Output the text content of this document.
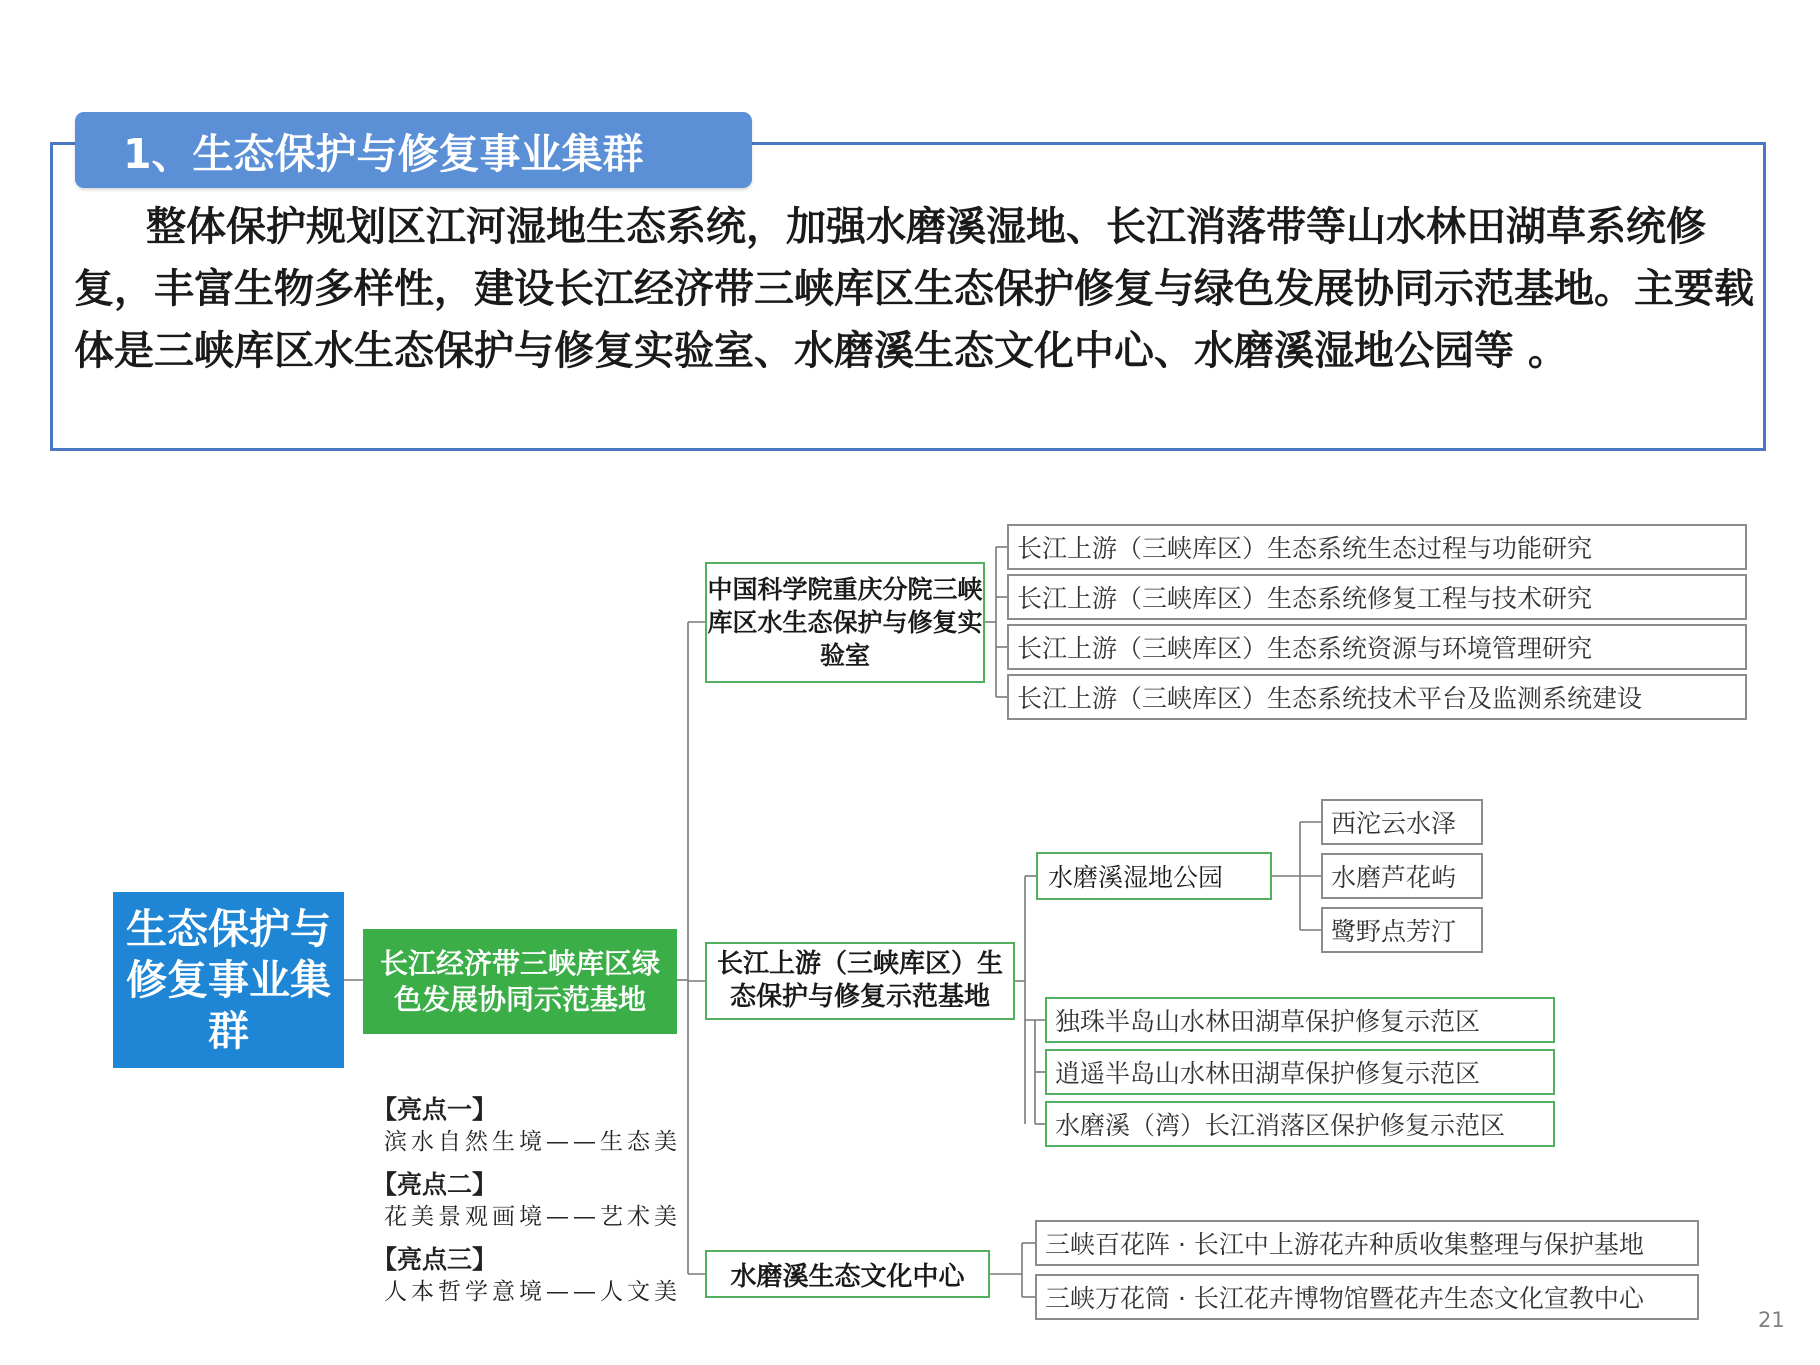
1、生态保护与修复事业集群
整体保护规划区江河湿地生态系统，加强水磨溪湿地、长江消落带等山水林田湖草系统修复，丰富生物多样性，建设长江经济带三峡库区生态保护修复与绿色发展协同示范基地。主要载体是三峡库区水生态保护与修复实验室、水磨溪生态文化中心、水磨溪湿地公园等 。
生态保护与修复事业集群
长江经济带三峡库区绿色发展协同示范基地
中国科学院重庆分院三峡库区水生态保护与修复实验室
长江上游（三峡库区）生态系统生态过程与功能研究
长江上游（三峡库区）生态系统修复工程与技术研究
长江上游（三峡库区）生态系统资源与环境管理研究
长江上游（三峡库区）生态系统技术平台及监测系统建设
长江上游（三峡库区）生态保护与修复示范基地
水磨溪湿地公园
西沱云水泽
水磨芦花屿
鹭野点芳汀
独珠半岛山水林田湖草保护修复示范区
逍遥半岛山水林田湖草保护修复示范区
水磨溪（湾）长江消落区保护修复示范区
水磨溪生态文化中心
三峡百花阵 · 长江中上游花卉种质收集整理与保护基地
三峡万花筒 · 长江花卉博物馆暨花卉生态文化宣教中心
【亮点一】
滨水自然生境——生态美
【亮点二】
花美景观画境——艺术美
【亮点三】
人本哲学意境——人文美
21
